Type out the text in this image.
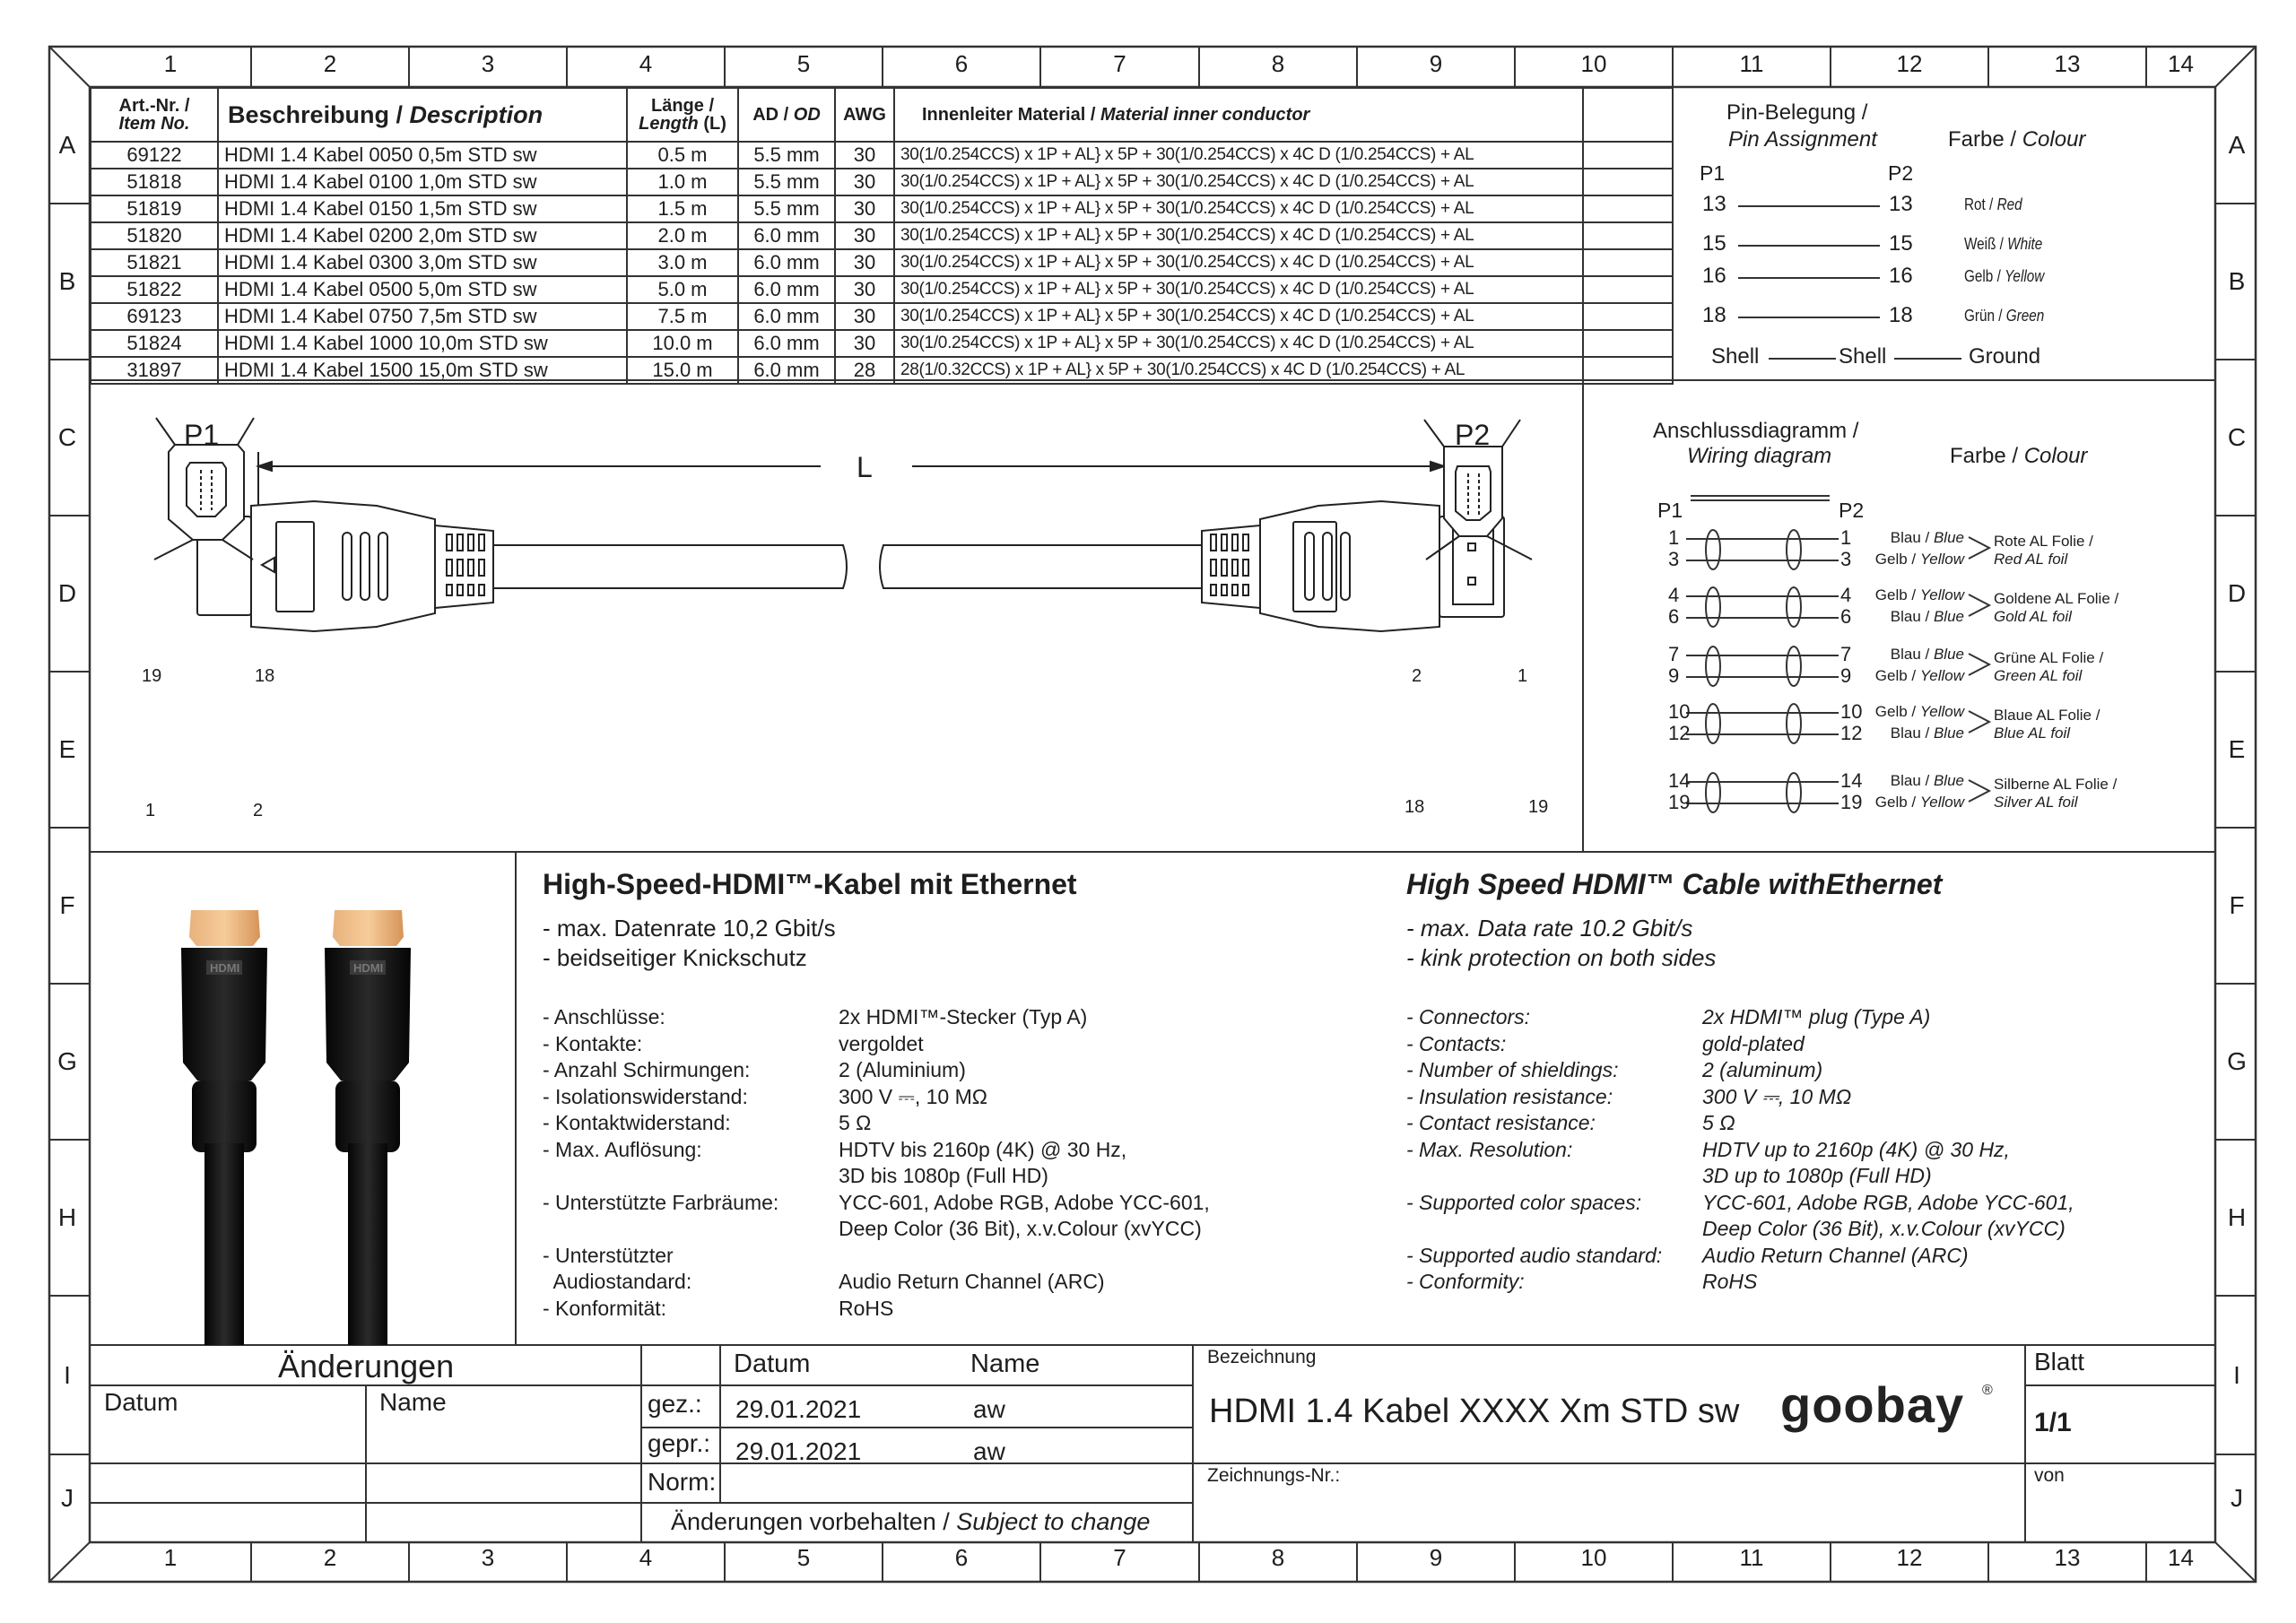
1
1
2
2
3
3
4
4
5
5
6
6
7
7
8
8
9
9
10
10
11
11
12
12
13
13
14
14
A	A
B	B
C	C
D	D
E	E
F	F
G	G
H	H
I	I
J	J
Art.-Nr. /
Item No.	Beschreibung / Description	Länge /
Length (L)	AD / OD	AWG	Innenleiter Material / Material inner conductor
69122	HDMI 1.4 Kabel 0050 0,5m STD sw	0.5 m	5.5 mm	30	30(1/0.254CCS) x 1P + AL} x 5P + 30(1/0.254CCS) x 4C D (1/0.254CCS) + AL
51818	HDMI 1.4 Kabel 0100 1,0m STD sw	1.0 m	5.5 mm	30	30(1/0.254CCS) x 1P + AL} x 5P + 30(1/0.254CCS) x 4C D (1/0.254CCS) + AL
51819	HDMI 1.4 Kabel 0150 1,5m STD sw	1.5 m	5.5 mm	30	30(1/0.254CCS) x 1P + AL} x 5P + 30(1/0.254CCS) x 4C D (1/0.254CCS) + AL
51820	HDMI 1.4 Kabel 0200 2,0m STD sw	2.0 m	6.0 mm	30	30(1/0.254CCS) x 1P + AL} x 5P + 30(1/0.254CCS) x 4C D (1/0.254CCS) + AL
51821	HDMI 1.4 Kabel 0300 3,0m STD sw	3.0 m	6.0 mm	30	30(1/0.254CCS) x 1P + AL} x 5P + 30(1/0.254CCS) x 4C D (1/0.254CCS) + AL
51822	HDMI 1.4 Kabel 0500 5,0m STD sw	5.0 m	6.0 mm	30	30(1/0.254CCS) x 1P + AL} x 5P + 30(1/0.254CCS) x 4C D (1/0.254CCS) + AL
69123	HDMI 1.4 Kabel 0750 7,5m STD sw	7.5 m	6.0 mm	30	30(1/0.254CCS) x 1P + AL} x 5P + 30(1/0.254CCS) x 4C D (1/0.254CCS) + AL
51824	HDMI 1.4 Kabel 1000 10,0m STD sw	10.0 m	6.0 mm	30	30(1/0.254CCS) x 1P + AL} x 5P + 30(1/0.254CCS) x 4C D (1/0.254CCS) + AL
31897	HDMI 1.4 Kabel 1500 15,0m STD sw	15.0 m	6.0 mm	28	28(1/0.32CCS) x 1P + AL} x 5P + 30(1/0.254CCS) x 4C D (1/0.254CCS) + AL
Pin-Belegung /
Pin Assignment	Farbe / Colour
P1	P2
13	13	Rot / Red
15	15	Weiß / White
16	16	Gelb / Yellow
18	18	Grün / Green
Shell	Shell	Ground
P1	P2
L
19	18
1	2
2	1
18	19
Anschlussdiagramm /
Wiring diagram	Farbe / Colour
P1	P2
1
3
1
3
Blau / Blue
Gelb / Yellow
Rote AL Folie /
Red AL foil
4
6
4
6
Gelb / Yellow
Blau / Blue
Goldene AL Folie /
Gold AL foil
7
9
7
9
Blau / Blue
Gelb / Yellow
Grüne AL Folie /
Green AL foil
10
12
10
12
Gelb / Yellow
Blau / Blue
Blaue AL Folie /
Blue AL foil
14
19
14
19
Blau / Blue
Gelb / Yellow
Silberne AL Folie /
Silver AL foil
HDMI	HDMI
High-Speed-HDMI™-Kabel mit Ethernet
- max. Datenrate 10,2 Gbit/s
- beidseitiger Knickschutz
- Anschlüsse:	2x HDMI™-Stecker (Typ A)
- Kontakte:	vergoldet
- Anzahl Schirmungen:	2 (Aluminium)
- Isolationswiderstand:	300 V ⎓, 10 MΩ
- Kontaktwiderstand:	5 Ω
- Max. Auflösung:	HDTV bis 2160p (4K) @ 30 Hz,
3D bis 1080p (Full HD)
- Unterstützte Farbräume:	YCC-601, Adobe RGB, Adobe YCC-601,
Deep Color (36 Bit), x.v.Colour (xvYCC)
- Unterstützter
Audiostandard:	Audio Return Channel (ARC)
- Konformität:	RoHS
High Speed HDMI™ Cable withEthernet
- max. Data rate 10.2 Gbit/s
- kink protection on both sides
- Connectors:	2x HDMI™ plug (Type A)
- Contacts:	gold-plated
- Number of shieldings:	2 (aluminum)
- Insulation resistance:	300 V ⎓, 10 MΩ
- Contact resistance:	5 Ω
- Max. Resolution:	HDTV up to 2160p (4K) @ 30 Hz,
3D up to 1080p (Full HD)
- Supported color spaces:	YCC-601, Adobe RGB, Adobe YCC-601,
Deep Color (36 Bit), x.v.Colour (xvYCC)
- Supported audio standard:	Audio Return Channel (ARC)
- Conformity:	RoHS
Änderungen
Datum	Name
Datum	Name
gez.: 29.01.2021	aw
gepr.: 29.01.2021	aw
Norm:
Änderungen vorbehalten / Subject to change
Bezeichnung
HDMI 1.4 Kabel XXXX Xm STD sw goobay ®
Blatt
1/1
Zeichnungs-Nr.:	von
